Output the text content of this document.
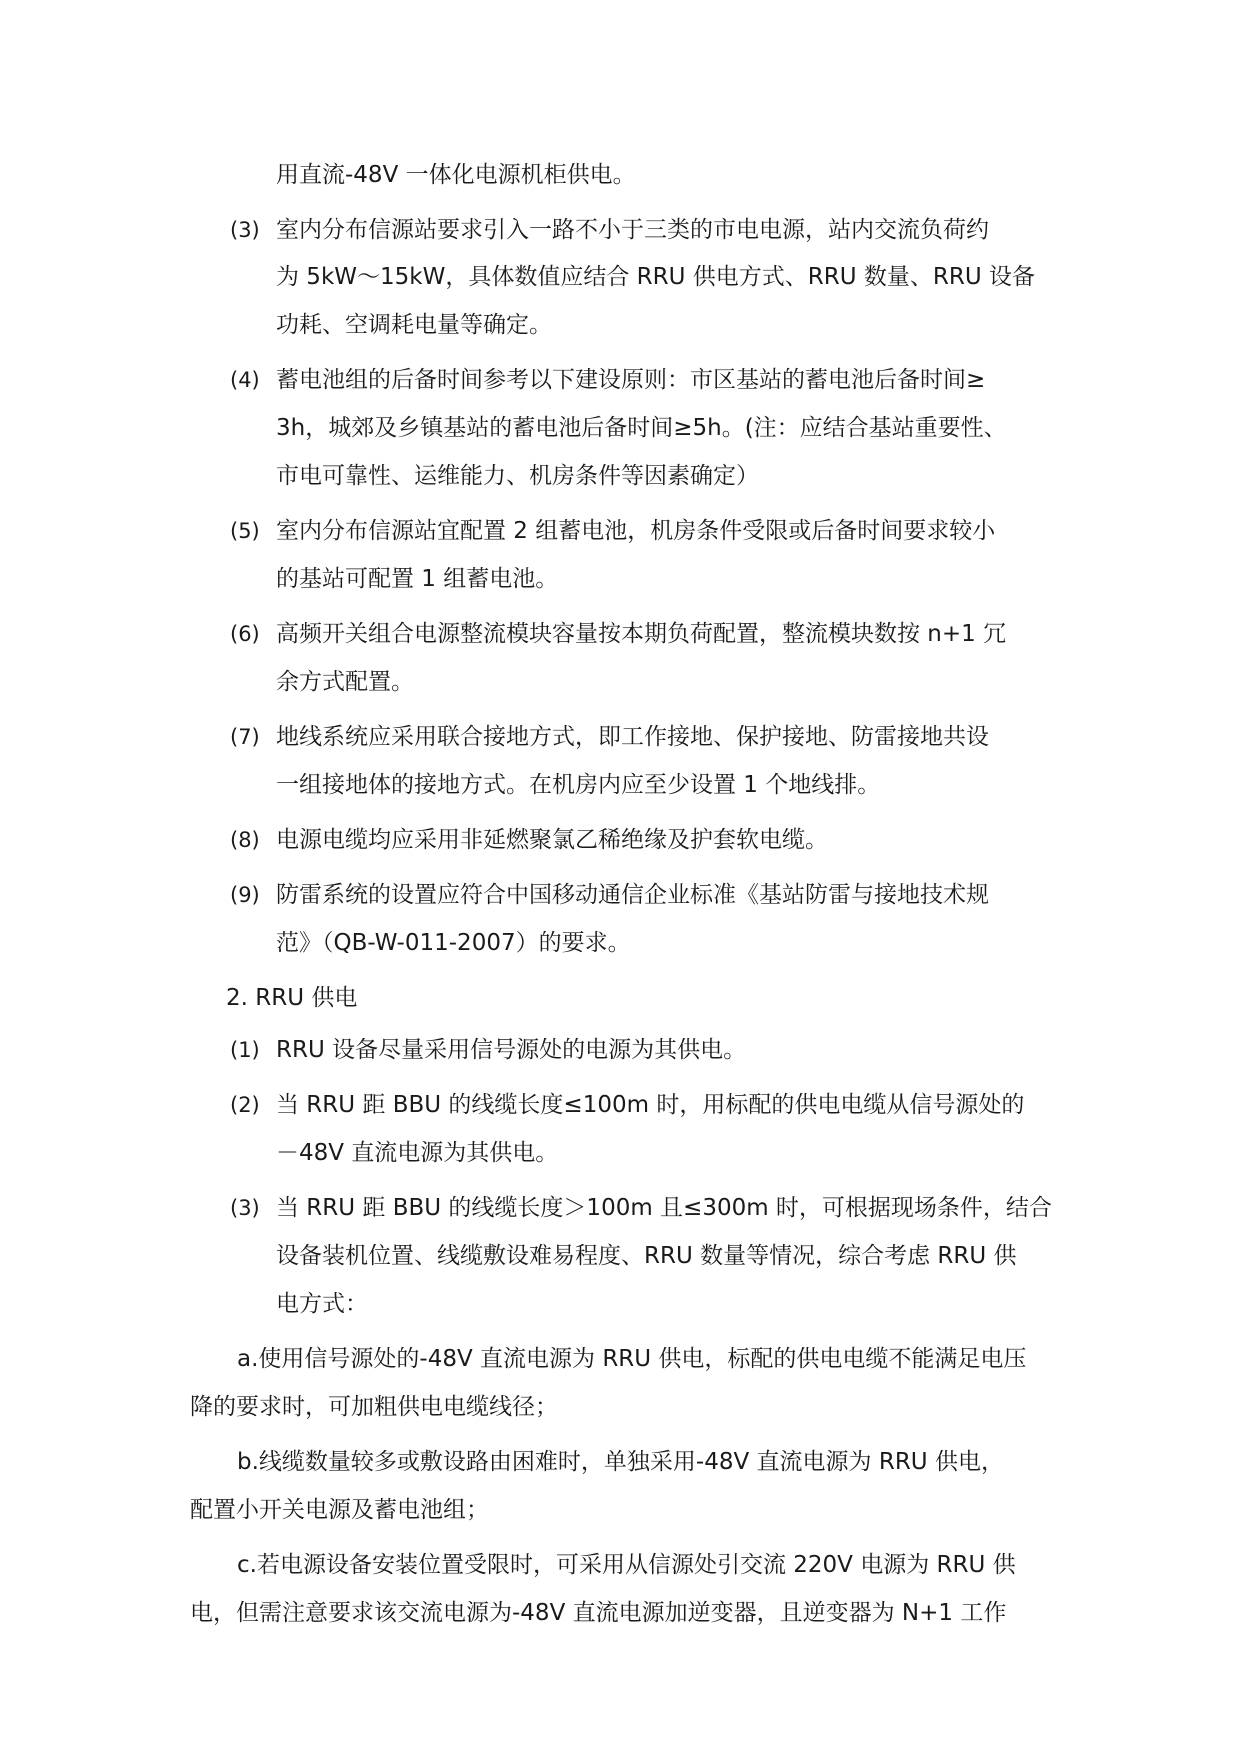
用直流-48V 一体化电源机柜供电。
(3) 室内分布信源站要求引入一路不小于三类的市电电源，站内交流负荷约
为 5kW～15kW，具体数值应结合 RRU 供电方式、RRU 数量、RRU 设备
功耗、空调耗电量等确定。
(4) 蓄电池组的后备时间参考以下建设原则：市区基站的蓄电池后备时间≥
3h，城郊及乡镇基站的蓄电池后备时间≥5h。(注：应结合基站重要性、
市电可靠性、运维能力、机房条件等因素确定）
(5) 室内分布信源站宜配置 2 组蓄电池，机房条件受限或后备时间要求较小
的基站可配置 1 组蓄电池。
(6) 高频开关组合电源整流模块容量按本期负荷配置，整流模块数按 n+1 冗
余方式配置。
(7) 地线系统应采用联合接地方式，即工作接地、保护接地、防雷接地共设
一组接地体的接地方式。在机房内应至少设置 1 个地线排。
(8) 电源电缆均应采用非延燃聚氯乙稀绝缘及护套软电缆。
(9) 防雷系统的设置应符合中国移动通信企业标准《基站防雷与接地技术规
范》（QB-W-011-2007）的要求。
2. RRU 供电
(1) RRU 设备尽量采用信号源处的电源为其供电。
(2) 当 RRU 距 BBU 的线缆长度≤100m 时，用标配的供电电缆从信号源处的
－48V 直流电源为其供电。
(3) 当 RRU 距 BBU 的线缆长度＞100m 且≤300m 时，可根据现场条件，结合
设备装机位置、线缆敷设难易程度、RRU 数量等情况，综合考虑 RRU 供
电方式：
a.使用信号源处的-48V 直流电源为 RRU 供电，标配的供电电缆不能满足电压
降的要求时，可加粗供电电缆线径；
b.线缆数量较多或敷设路由困难时，单独采用-48V 直流电源为 RRU 供电，
配置小开关电源及蓄电池组；
c.若电源设备安装位置受限时，可采用从信源处引交流 220V 电源为 RRU 供
电，但需注意要求该交流电源为-48V 直流电源加逆变器，且逆变器为 N+1 工作
